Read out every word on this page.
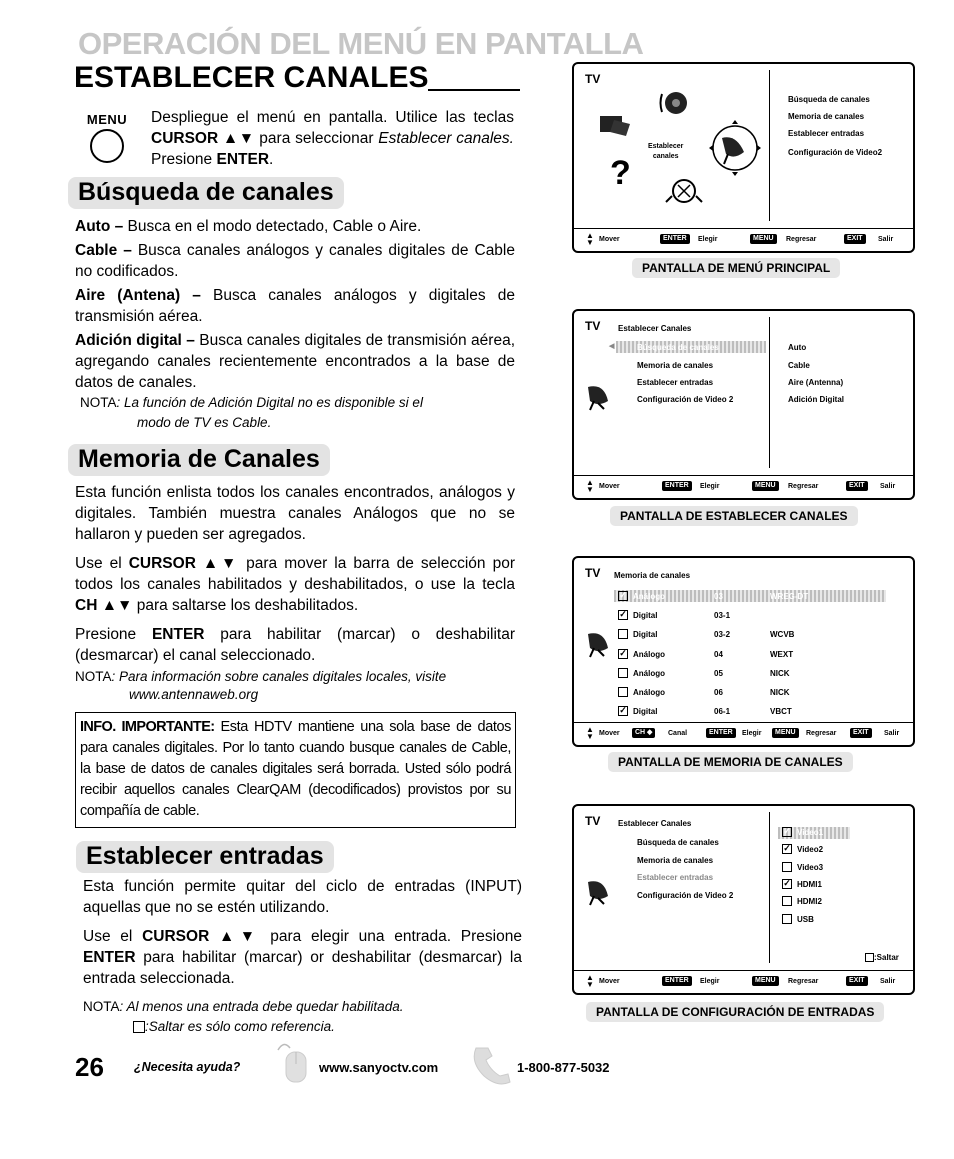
OPERACIÓN DEL MENÚ EN PANTALLA
ESTABLECER CANALES
MENU	Despliegue el menú en pantalla. Utilice las teclas CURSOR ▲▼ para seleccionar Establecer canales. Presione ENTER.
Búsqueda de canales

Auto – Busca en el modo detectado, Cable o Aire.

Cable – Busca canales análogos y canales digitales de Cable no codificados.

Aire (Antena) – Busca canales análogos y digitales de transmisión aérea.

Adición digital – Busca canales digitales de transmisión aérea, agregando canales recientemente encontrados a la base de datos de canales.

NOTA: La función de Adición Digital no es disponible si el
modo de TV es Cable.
Memoria de Canales

Esta función enlista todos los canales encontrados, análogos y digitales. También muestra canales Análogos que no se hallaron y pueden ser agregados.

Use el CURSOR ▲▼ para mover la barra de selección por todos los canales habilitados y deshabilitados, o use la tecla CH ▲▼ para saltarse los deshabilitados.

Presione ENTER para habilitar (marcar) o deshabilitar (desmarcar) el canal seleccionado.

NOTA: Para información sobre canales digitales locales, visite
www.antennaweb.org
INFO. IMPORTANTE: Esta HDTV mantiene una sola base de datos para canales digitales. Por lo tanto cuando busque canales de Cable, la base de datos de canales digitales será borrada. Usted sólo podrá recibir aquellos canales ClearQAM (decodificados) provistos por su compañía de cable.
Establecer entradas

Esta función permite quitar del ciclo de entradas (INPUT) aquellas que no se estén utilizando.

Use el CURSOR ▲▼ para elegir una entrada. Presione ENTER para habilitar (marcar) or deshabilitar (desmarcar) la entrada seleccionada.

NOTA: Al menos una entrada debe quedar habilitada.
:Saltar es sólo como referencia.
TV
?
Establecer
canales
Búsqueda de canales
Memoria de canales
Establecer entradas
Configuración de Video2
▲
▼ Mover	ENTER	Elegir	MENU	Regresar	EXIT	Salir
PANTALLA DE MENÚ PRINCIPAL
TV Establecer Canales
◀	Búsqueda de canales
Memoria de canales
Establecer entradas
Configuración de Video 2
Auto
Cable
Aire (Antenna)
Adición Digital
▲
▼ Mover	ENTER	Elegir	MENU	Regresar	EXIT	Salir
PANTALLA DE ESTABLECER CANALES
TV Memoria de canales
✓ Análogo	03	WREG-DT
✓ Digital	03-1
Digital	03-2	WCVB
✓ Análogo	04	WEXT
Análogo	05	NICK
Análogo	06	NICK
✓ Digital	06-1	VBCT
▲
▼ Mover	CH ◆	Canal	ENTER	Elegir	MENU	Regresar	EXIT	Salir
PANTALLA DE MEMORIA DE CANALES
TV Establecer Canales
Búsqueda de canales
Memoria de canales
Establecer entradas
Configuración de Video 2
✓ Video1
✓ Video2
Video3
✓ HDMI1
HDMI2
USB
:Saltar
▲
▼ Mover	ENTER	Elegir	MENU	Regresar	EXIT	Salir
PANTALLA DE CONFIGURACIÓN DE ENTRADAS
26 ¿Necesita ayuda?	www.sanyoctv.com	1-800-877-5032
